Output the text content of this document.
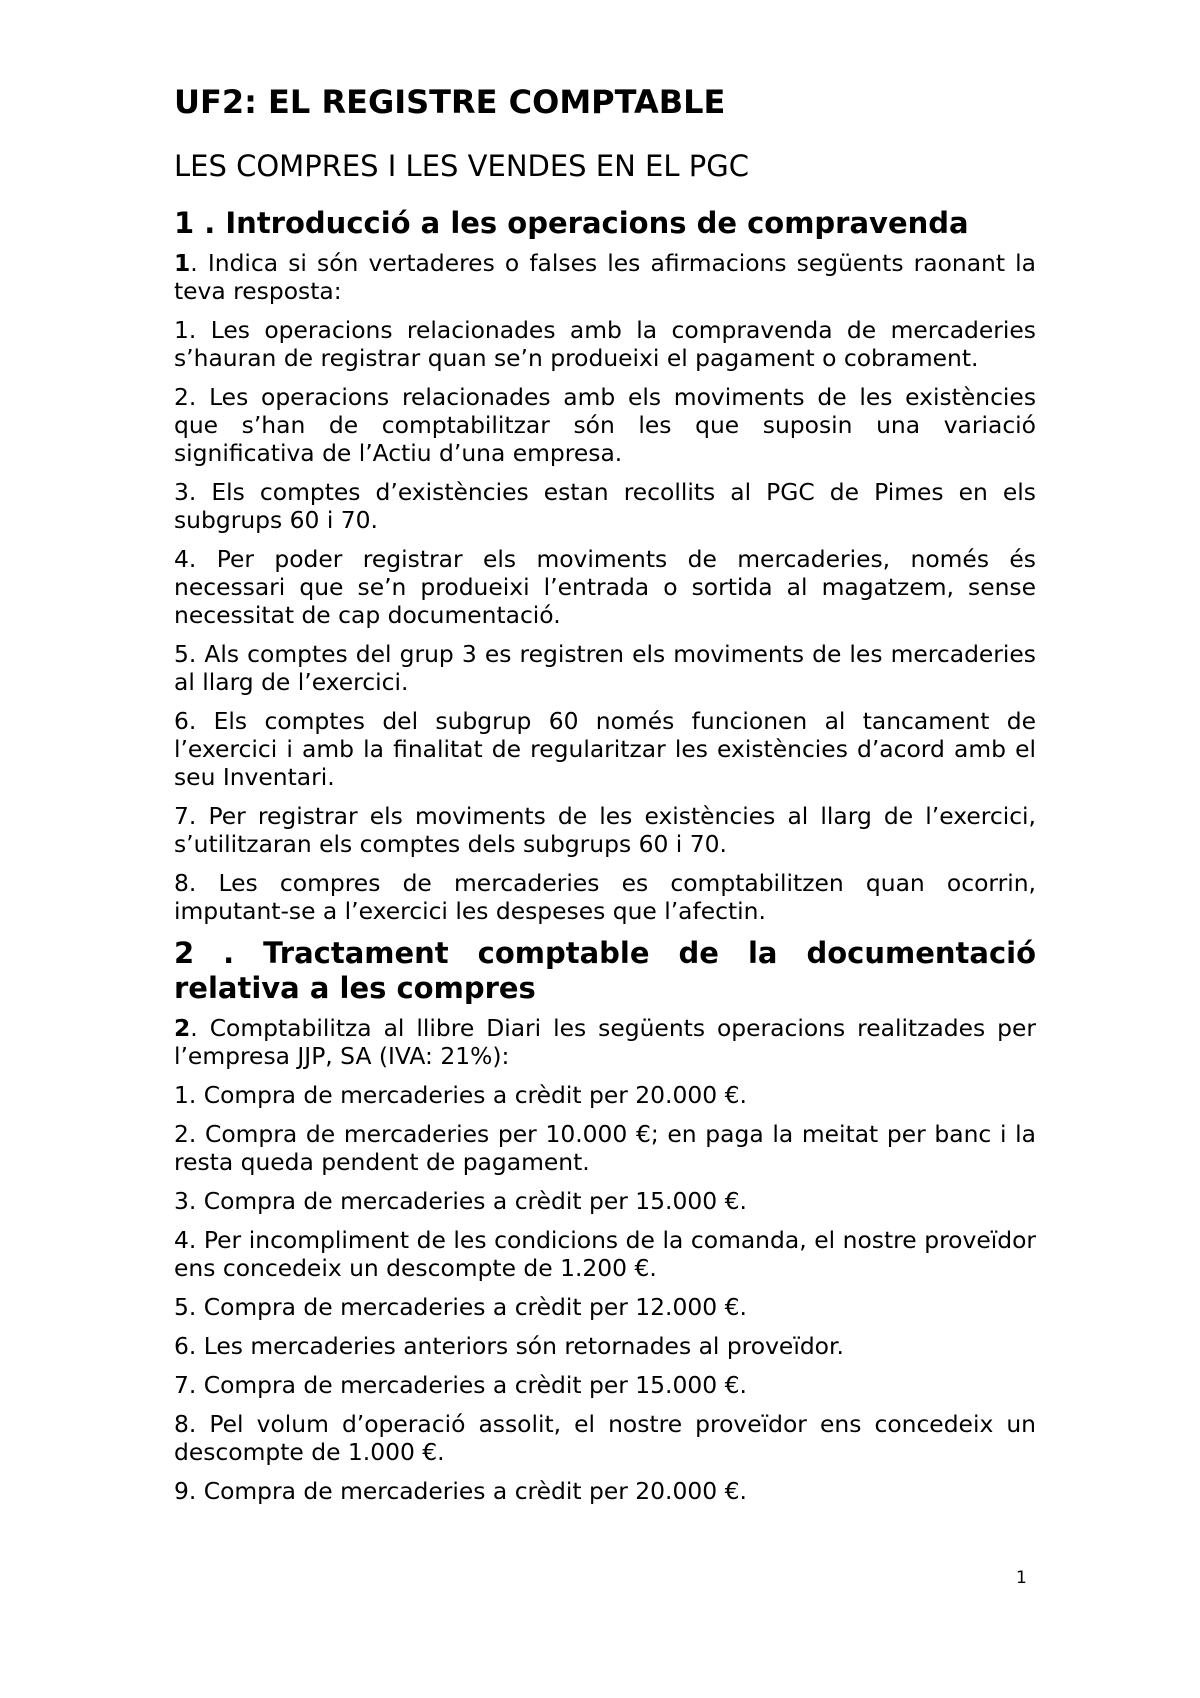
UF2: EL REGISTRE COMPTABLE
LES COMPRES I LES VENDES EN EL PGC
1 . Introducció a les operacions de compravenda

1. Indica si són vertaderes o falses les afirmacions següents raonant la teva resposta:

1. Les operacions relacionades amb la compravenda de mercaderies s’hauran de registrar quan se’n produeixi el pagament o cobrament.

2. Les operacions relacionades amb els moviments de les existències que s’han de comptabilitzar són les que suposin una variació significativa de l’Actiu d’una empresa.

3. Els comptes d’existències estan recollits al PGC de Pimes en els subgrups 60 i 70.

4. Per poder registrar els moviments de mercaderies, només és necessari que se’n produeixi l’entrada o sortida al magatzem, sense necessitat de cap documentació.

5. Als comptes del grup 3 es registren els moviments de les mercaderies al llarg de l’exercici.

6. Els comptes del subgrup 60 només funcionen al tancament de l’exercici i amb la finalitat de regularitzar les existències d’acord amb el seu Inventari.

7. Per registrar els moviments de les existències al llarg de l’exercici, s’utilitzaran els comptes dels subgrups 60 i 70.

8. Les compres de mercaderies es comptabilitzen quan ocorrin, imputant-se a l’exercici les despeses que l’afectin.

2 . Tractament comptable de la documentació relativa a les compres

2. Comptabilitza al llibre Diari les següents operacions realitzades per l’empresa JJP, SA (IVA: 21%):

1. Compra de mercaderies a crèdit per 20.000 €.

2. Compra de mercaderies per 10.000 €; en paga la meitat per banc i la resta queda pendent de pagament.

3. Compra de mercaderies a crèdit per 15.000 €.

4. Per incompliment de les condicions de la comanda, el nostre proveïdor ens concedeix un descompte de 1.200 €.

5. Compra de mercaderies a crèdit per 12.000 €.

6. Les mercaderies anteriors són retornades al proveïdor.

7. Compra de mercaderies a crèdit per 15.000 €.

8. Pel volum d’operació assolit, el nostre proveïdor ens concedeix un descompte de 1.000 €.

9. Compra de mercaderies a crèdit per 20.000 €.

1
